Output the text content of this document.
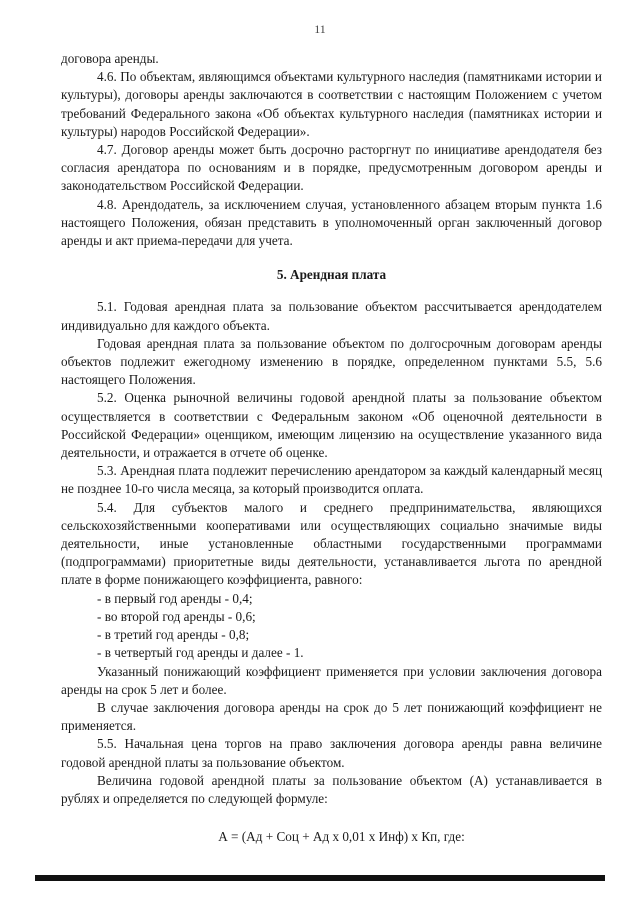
11

договора аренды.

4.6. По объектам, являющимся объектами культурного наследия (памятниками истории и культуры), договоры аренды заключаются в соответствии с настоящим Положением с учетом требований Федерального закона «Об объектах культурного наследия (памятниках истории и культуры) народов Российской Федерации».

4.7. Договор аренды может быть досрочно расторгнут по инициативе арендодателя без согласия арендатора по основаниям и в порядке, предусмотренным договором аренды и законодательством Российской Федерации.

4.8. Арендодатель, за исключением случая, установленного абзацем вторым пункта 1.6 настоящего Положения, обязан представить в уполномоченный орган заключенный договор аренды и акт приема-передачи для учета.

5. Арендная плата

5.1. Годовая арендная плата за пользование объектом рассчитывается арендодателем индивидуально для каждого объекта.

Годовая арендная плата за пользование объектом по долгосрочным договорам аренды объектов подлежит ежегодному изменению в порядке, определенном пунктами 5.5, 5.6 настоящего Положения.

5.2. Оценка рыночной величины годовой арендной платы за пользование объектом осуществляется в соответствии с Федеральным законом «Об оценочной деятельности в Российской Федерации» оценщиком, имеющим лицензию на осуществление указанного вида деятельности, и отражается в отчете об оценке.

5.3. Арендная плата подлежит перечислению арендатором за каждый календарный месяц не позднее 10-го числа месяца, за который производится оплата.

5.4. Для субъектов малого и среднего предпринимательства, являющихся сельскохозяйственными кооперативами или осуществляющих социально значимые виды деятельности, иные установленные областными государственными программами (подпрограммами) приоритетные виды деятельности, устанавливается льгота по арендной плате в форме понижающего коэффициента, равного:

- в первый год аренды - 0,4;

- во второй год аренды - 0,6;

- в третий год аренды - 0,8;

- в четвертый год аренды и далее - 1.

Указанный понижающий коэффициент применяется при условии заключения договора аренды на срок 5 лет и более.

В случае заключения договора аренды на срок до 5 лет понижающий коэффициент не применяется.

5.5. Начальная цена торгов на право заключения договора аренды равна величине годовой арендной платы за пользование объектом.

Величина годовой арендной платы за пользование объектом (А) устанавливается в рублях и определяется по следующей формуле:

А = (Ад + Соц + Ад х 0,01 х Инф) х Кп, где:
